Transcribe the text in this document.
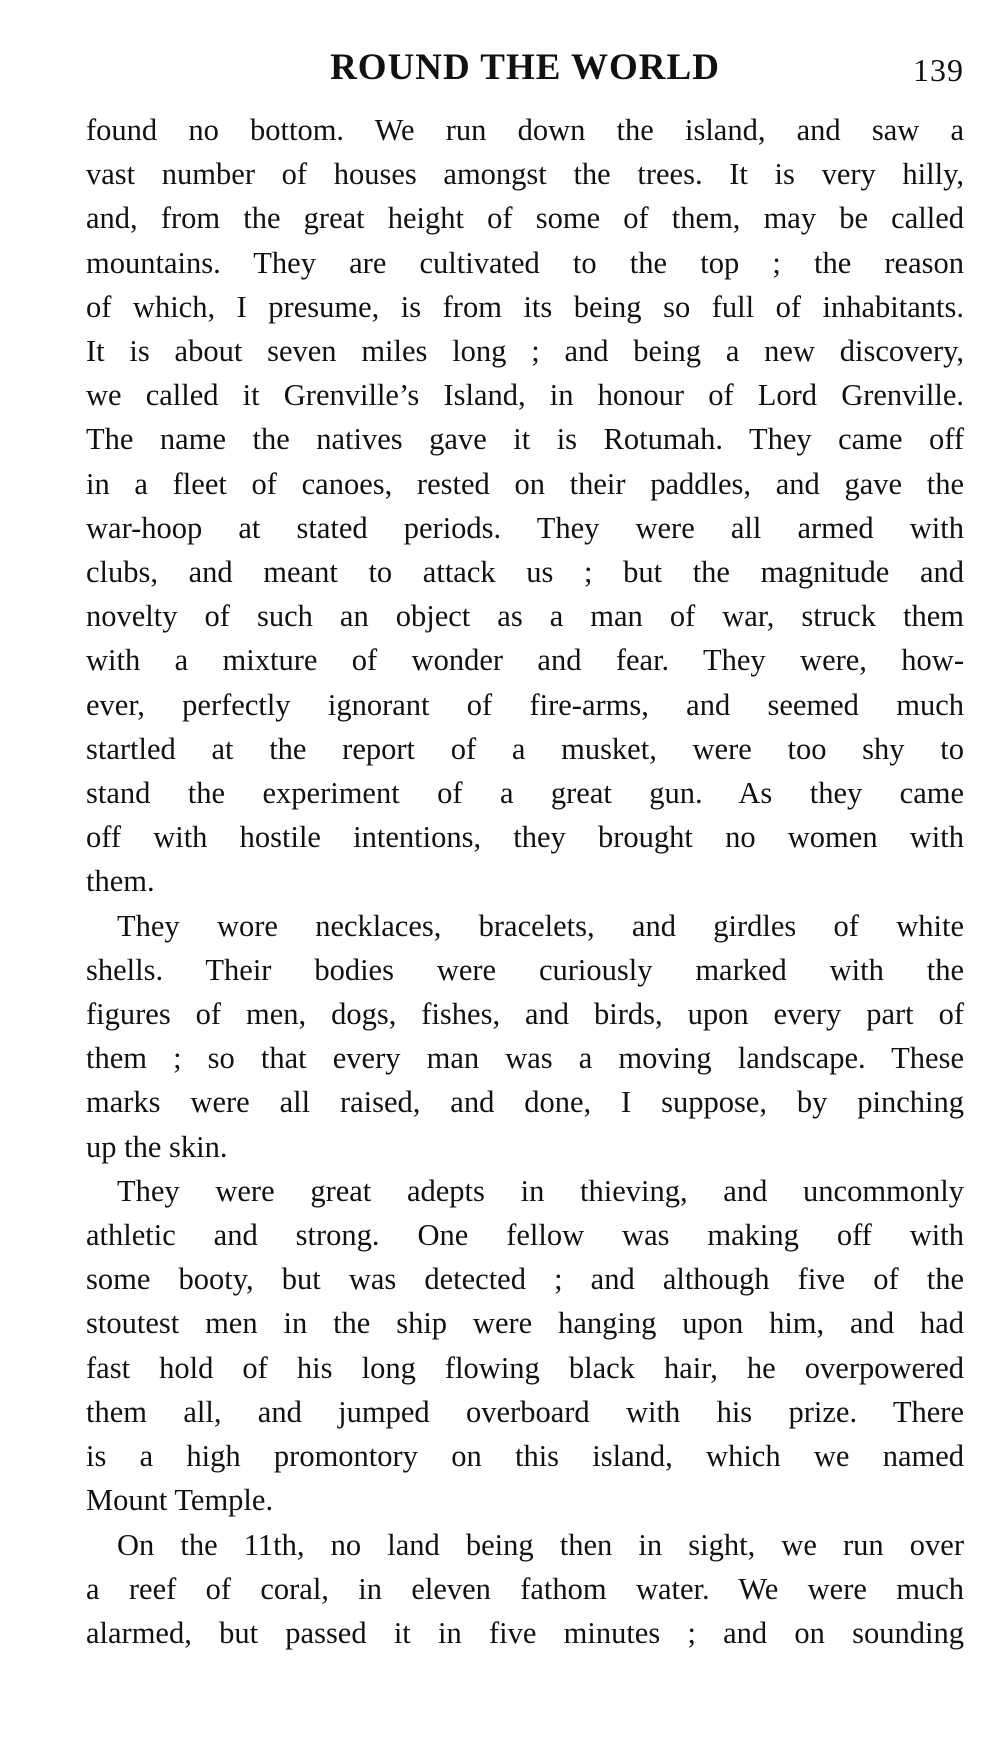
ROUND THE WORLD	139
found no bottom. We run down the island, and saw a
vast number of houses amongst the trees. It is very hilly,
and, from the great height of some of them, may be called
mountains. They are cultivated to the top ; the reason
of which, I presume, is from its being so full of inhabitants.
It is about seven miles long ; and being a new discovery,
we called it Grenville’s Island, in honour of Lord Grenville.
The name the natives gave it is Rotumah. They came off
in a fleet of canoes, rested on their paddles, and gave the
war-hoop at stated periods. They were all armed with
clubs, and meant to attack us ; but the magnitude and
novelty of such an object as a man of war, struck them
with a mixture of wonder and fear. They were, how-
ever, perfectly ignorant of fire-arms, and seemed much
startled at the report of a musket, were too shy to
stand the experiment of a great gun. As they came
off with hostile intentions, they brought no women with
them.
They wore necklaces, bracelets, and girdles of white
shells. Their bodies were curiously marked with the
figures of men, dogs, fishes, and birds, upon every part of
them ; so that every man was a moving landscape. These
marks were all raised, and done, I suppose, by pinching
up the skin.
They were great adepts in thieving, and uncommonly
athletic and strong. One fellow was making off with
some booty, but was detected ; and although five of the
stoutest men in the ship were hanging upon him, and had
fast hold of his long flowing black hair, he overpowered
them all, and jumped overboard with his prize. There
is a high promontory on this island, which we named
Mount Temple.
On the 11th, no land being then in sight, we run over
a reef of coral, in eleven fathom water. We were much
alarmed, but passed it in five minutes ; and on sounding
